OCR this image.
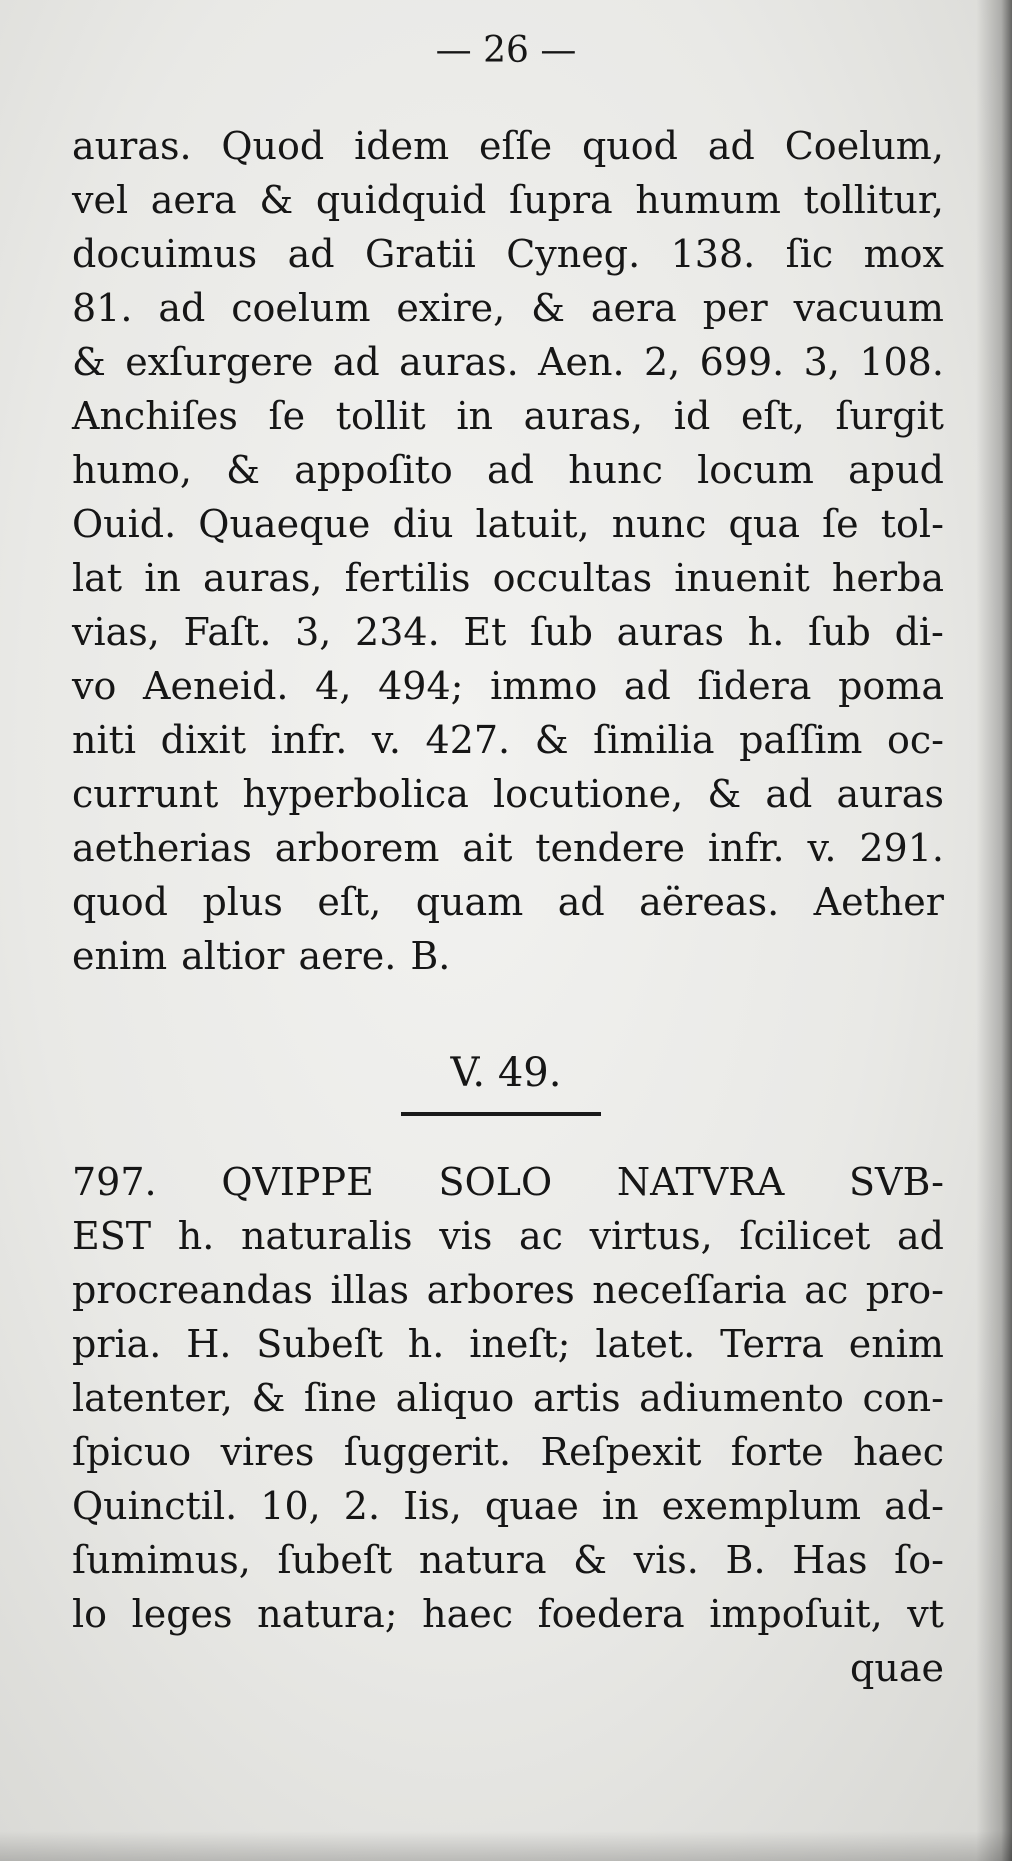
— 26 —
auras. Quod idem eſſe quod ad Coelum,
vel aera & quidquid ſupra humum tollitur,
docuimus ad Gratii Cyneg. 138. ſic mox
81. ad coelum exire, & aera per vacuum
& exſurgere ad auras. Aen. 2, 699. 3, 108.
Anchiſes ſe tollit in auras, id eſt, ſurgit
humo, & appoſito ad hunc locum apud
Ouid. Quaeque diu latuit, nunc qua ſe tol-
lat in auras, fertilis occultas inuenit herba
vias, Faſt. 3, 234. Et ſub auras h. ſub di-
vo Aeneid. 4, 494; immo ad ſidera poma
niti dixit infr. v. 427. & ſimilia paſſim oc-
currunt hyperbolica locutione, & ad auras
aetherias arborem ait tendere infr. v. 291.
quod plus eſt, quam ad aëreas. Aether
enim altior aere. B.
V. 49.
797. QVIPPE SOLO NATVRA SVB-
EST h. naturalis vis ac virtus, ſcilicet ad
procreandas illas arbores neceſſaria ac pro-
pria. H. Subeſt h. ineſt; latet. Terra enim
latenter, & ſine aliquo artis adiumento con-
ſpicuo vires ſuggerit. Reſpexit forte haec
Quinctil. 10, 2. Iis, quae in exemplum ad-
ſumimus, ſubeſt natura & vis. B. Has ſo-
lo leges natura; haec foedera impoſuit, vt
quae
